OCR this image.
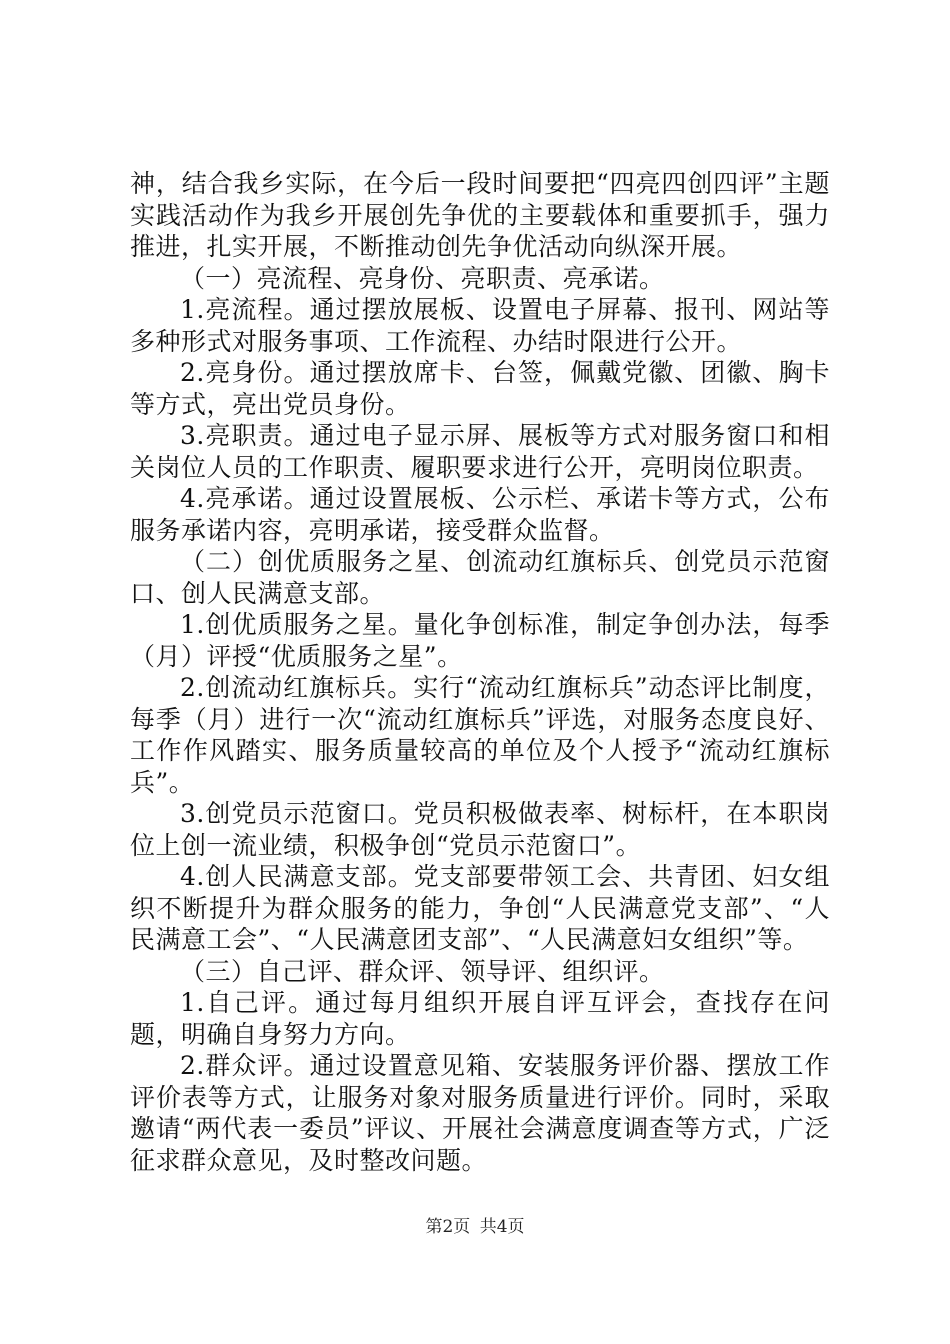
神，结合我乡实际，在今后一段时间要把“四亮四创四评”主题实践活动作为我乡开展创先争优的主要载体和重要抓手，强力推进，扎实开展，不断推动创先争优活动向纵深开展。

（一）亮流程、亮身份、亮职责、亮承诺。

1.亮流程。通过摆放展板、设置电子屏幕、报刊、网站等多种形式对服务事项、工作流程、办结时限进行公开。

2.亮身份。通过摆放席卡、台签，佩戴党徽、团徽、胸卡等方式，亮出党员身份。

3.亮职责。通过电子显示屏、展板等方式对服务窗口和相关岗位人员的工作职责、履职要求进行公开，亮明岗位职责。

4.亮承诺。通过设置展板、公示栏、承诺卡等方式，公布服务承诺内容，亮明承诺，接受群众监督。

（二）创优质服务之星、创流动红旗标兵、创党员示范窗口、创人民满意支部。

1.创优质服务之星。量化争创标准，制定争创办法，每季（月）评授“优质服务之星”。

2.创流动红旗标兵。实行“流动红旗标兵”动态评比制度，每季（月）进行一次“流动红旗标兵”评选，对服务态度良好、工作作风踏实、服务质量较高的单位及个人授予“流动红旗标兵”。

3.创党员示范窗口。党员积极做表率、树标杆，在本职岗位上创一流业绩，积极争创“党员示范窗口”。

4.创人民满意支部。党支部要带领工会、共青团、妇女组织不断提升为群众服务的能力，争创“人民满意党支部”、“人民满意工会”、“人民满意团支部”、“人民满意妇女组织”等。

（三）自己评、群众评、领导评、组织评。

1.自己评。通过每月组织开展自评互评会，查找存在问题，明确自身努力方向。

2.群众评。通过设置意见箱、安装服务评价器、摆放工作评价表等方式，让服务对象对服务质量进行评价。同时，采取邀请“两代表一委员”评议、开展社会满意度调查等方式，广泛征求群众意见，及时整改问题。

第2页 共4页
